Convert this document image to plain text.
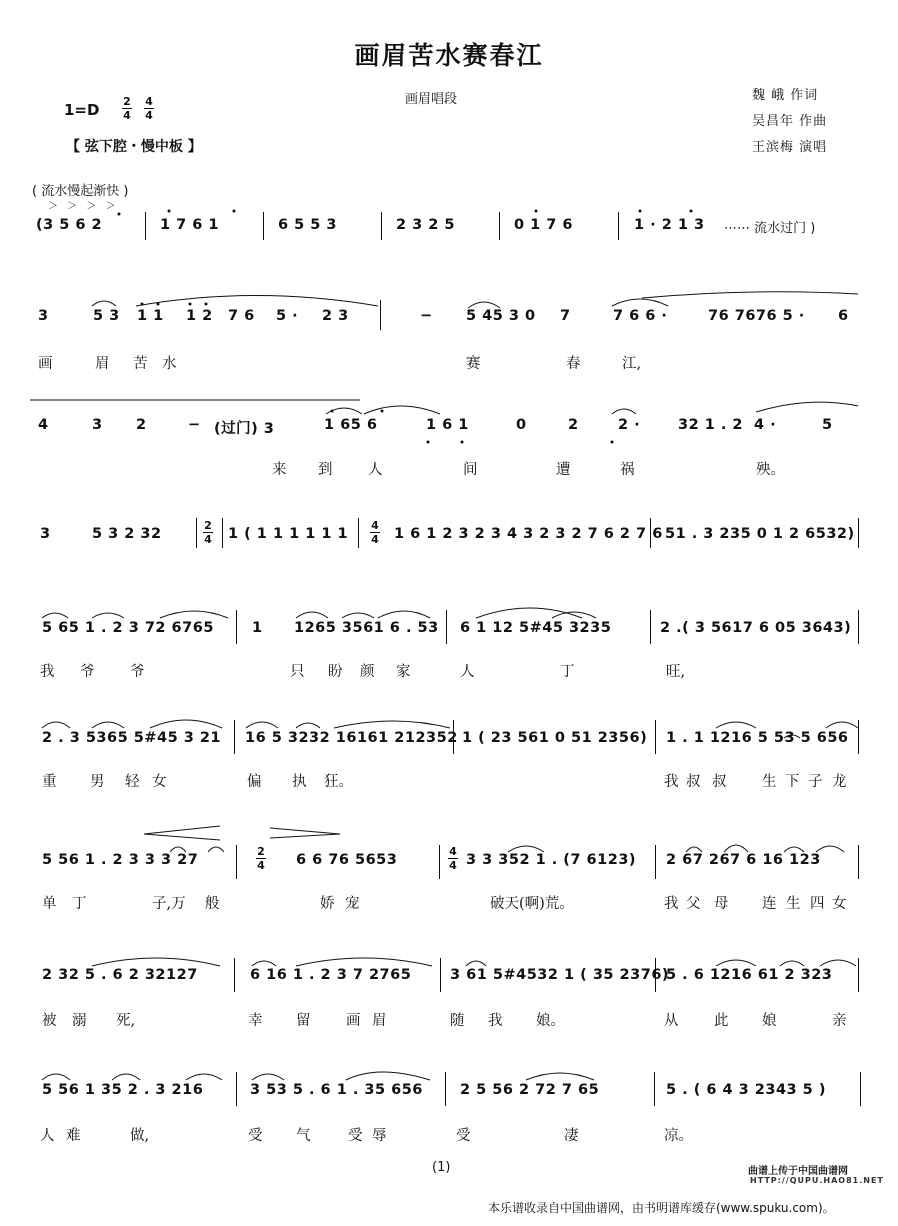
画眉苦水赛春江
画眉唱段	魏 峨 作词
吴昌年 作曲
王滨梅 演唱
1=D 2
4
4
4
【 弦下腔・慢中板 】
( 流水慢起渐快 )
＞ ＞ ＞ ＞
(3 5 6 2	1 7 6 1	6 5 5 3	2 3 2 5	0 1 7 6	1 · 2 1 3 ⋯⋯ 流水过门 )
3	5 3 1 1 1 2 7 6 5 · 2 3	− 5 45 3 0 7	7 6 6 ·	76 7676 5 · 6
画	眉 苦 水	赛	春	江,
4	3 2	− (过门) 3	1 65 6	1 6 1	0	2	2 ·	32 1 . 2 4 ·	5
来 到 人	间	遭	祸	殃。
3	5 3 2 32	1 ( 1 1 1 1 1 1	1 6 1 2 3 2 3 4 3 2 3 2 7 6 2 7 6 51 . 3 235 0 1 2 6532)
5 65 1 . 2 3 72 6765	1 1265 3561 6 . 53 6 1 12 5#45 3235	2 .( 3 5617 6 05 3643)
我 爷 爷	只 盼 颜 家	人	丁	旺,
2 . 3 5365 5#45 3 21 16 5 3232 16161 212352 1 ( 23 561 0 51 2356) 1 . 1 1216 5 53 5 656
重 男 轻 女	偏 执 狂。	我 叔 叔 生 下 子 龙
5 56 1 . 2 3 3 3 27	6 6 76 5653	3 3 352 1 . (7 6123) 2 67 267 6 16 123
单 丁	子,万 般	娇 宠	破天(啊)荒。	我 父 母 连 生 四 女
2 32 5 . 6 2 32127	6 16 1 . 2 3 7 2765	3 61 5#4532 1 ( 35 2376)
5 . 6 1216 61 2 323
被 溺 死,	幸 留 画 眉	随 我 娘。	从 此 娘	亲
5 56 1 35 2 . 3 216	3 53 5 . 6 1 . 35 656	2 5 56 2 72 7 65	5 . ( 6 4 3 2343 5 )
人 难	做,	受 气	受 辱	受	凄	凉。
2
4
4
4
2
4
4
4
(1)	曲谱上传于中国曲谱网
HTTP://QUPU.HAO81.NET
本乐谱收录自中国曲谱网，由书明谱库缓存(www.spuku.com)。
